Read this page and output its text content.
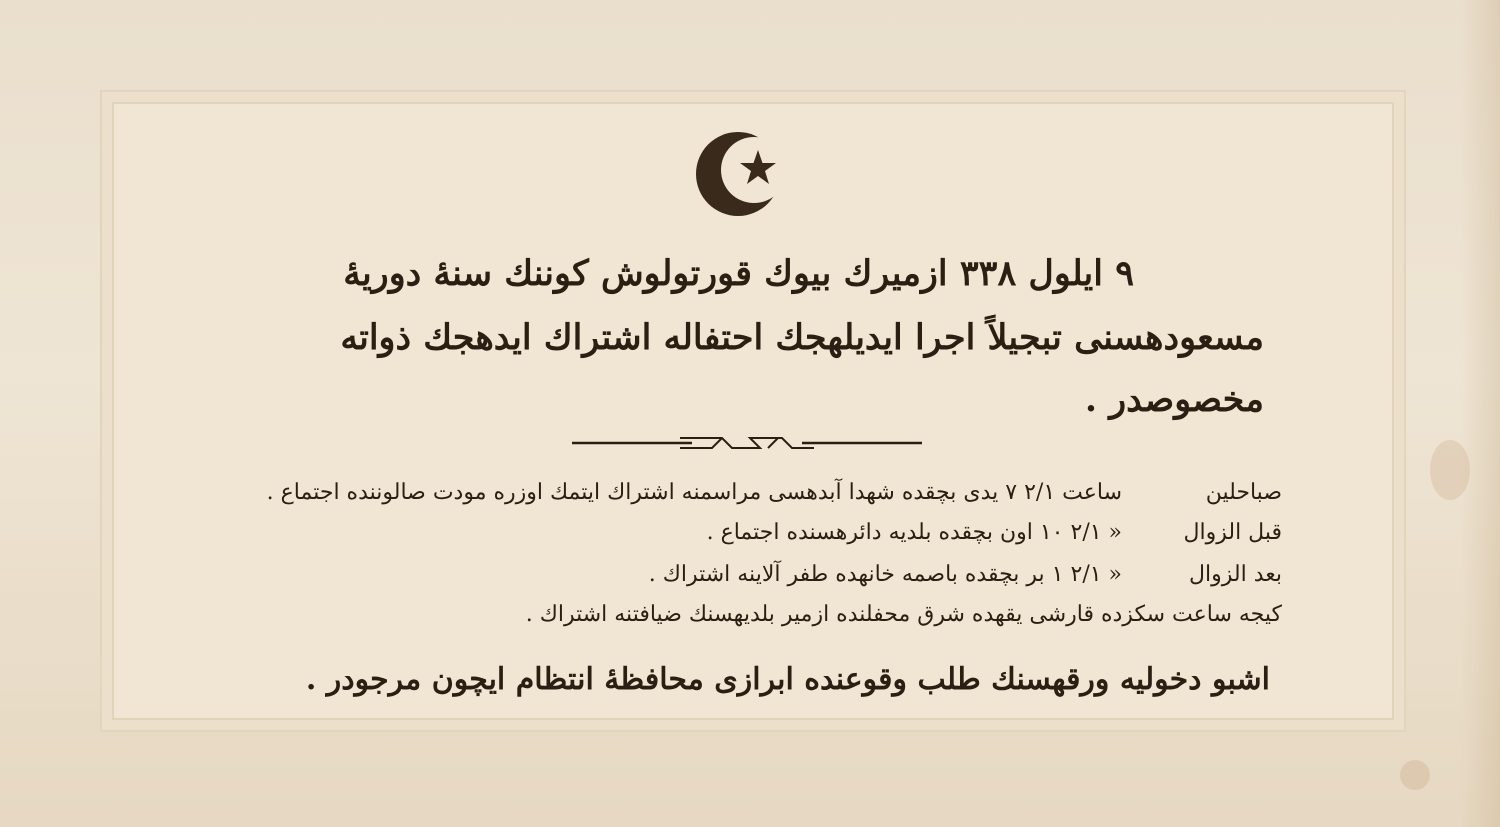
٩ ايلول ٣٣٨ ازميرك بيوك قورتولوش كوننك سنهٔ دوريهٔ
مسعودهسنى تبجيلاً اجرا ايديلهجك احتفاله اشتراك ايدهجك ذواته
مخصوصدر .
صباحلينساعت ٢/١ ٧ يدى بچقده شهدا آبدهسى مراسمنه اشتراك ايتمك اوزره مودت صالوننده اجتماع .
قبل الزوال« ٢/١ ١٠ اون بچقده بلديه دائرهسنده اجتماع .
بعد الزوال« ٢/١ ١ بر بچقده باصمه خانهده طفر آلاينه اشتراك .
كيجه ساعت سكزده قارشى يقهده شرق محفلنده ازمير بلديهسنك ضيافتنه اشتراك .
اشبو دخوليه ورقهسنك طلب وقوعنده ابرازى محافظهٔ انتظام ايچون مرجودر .
